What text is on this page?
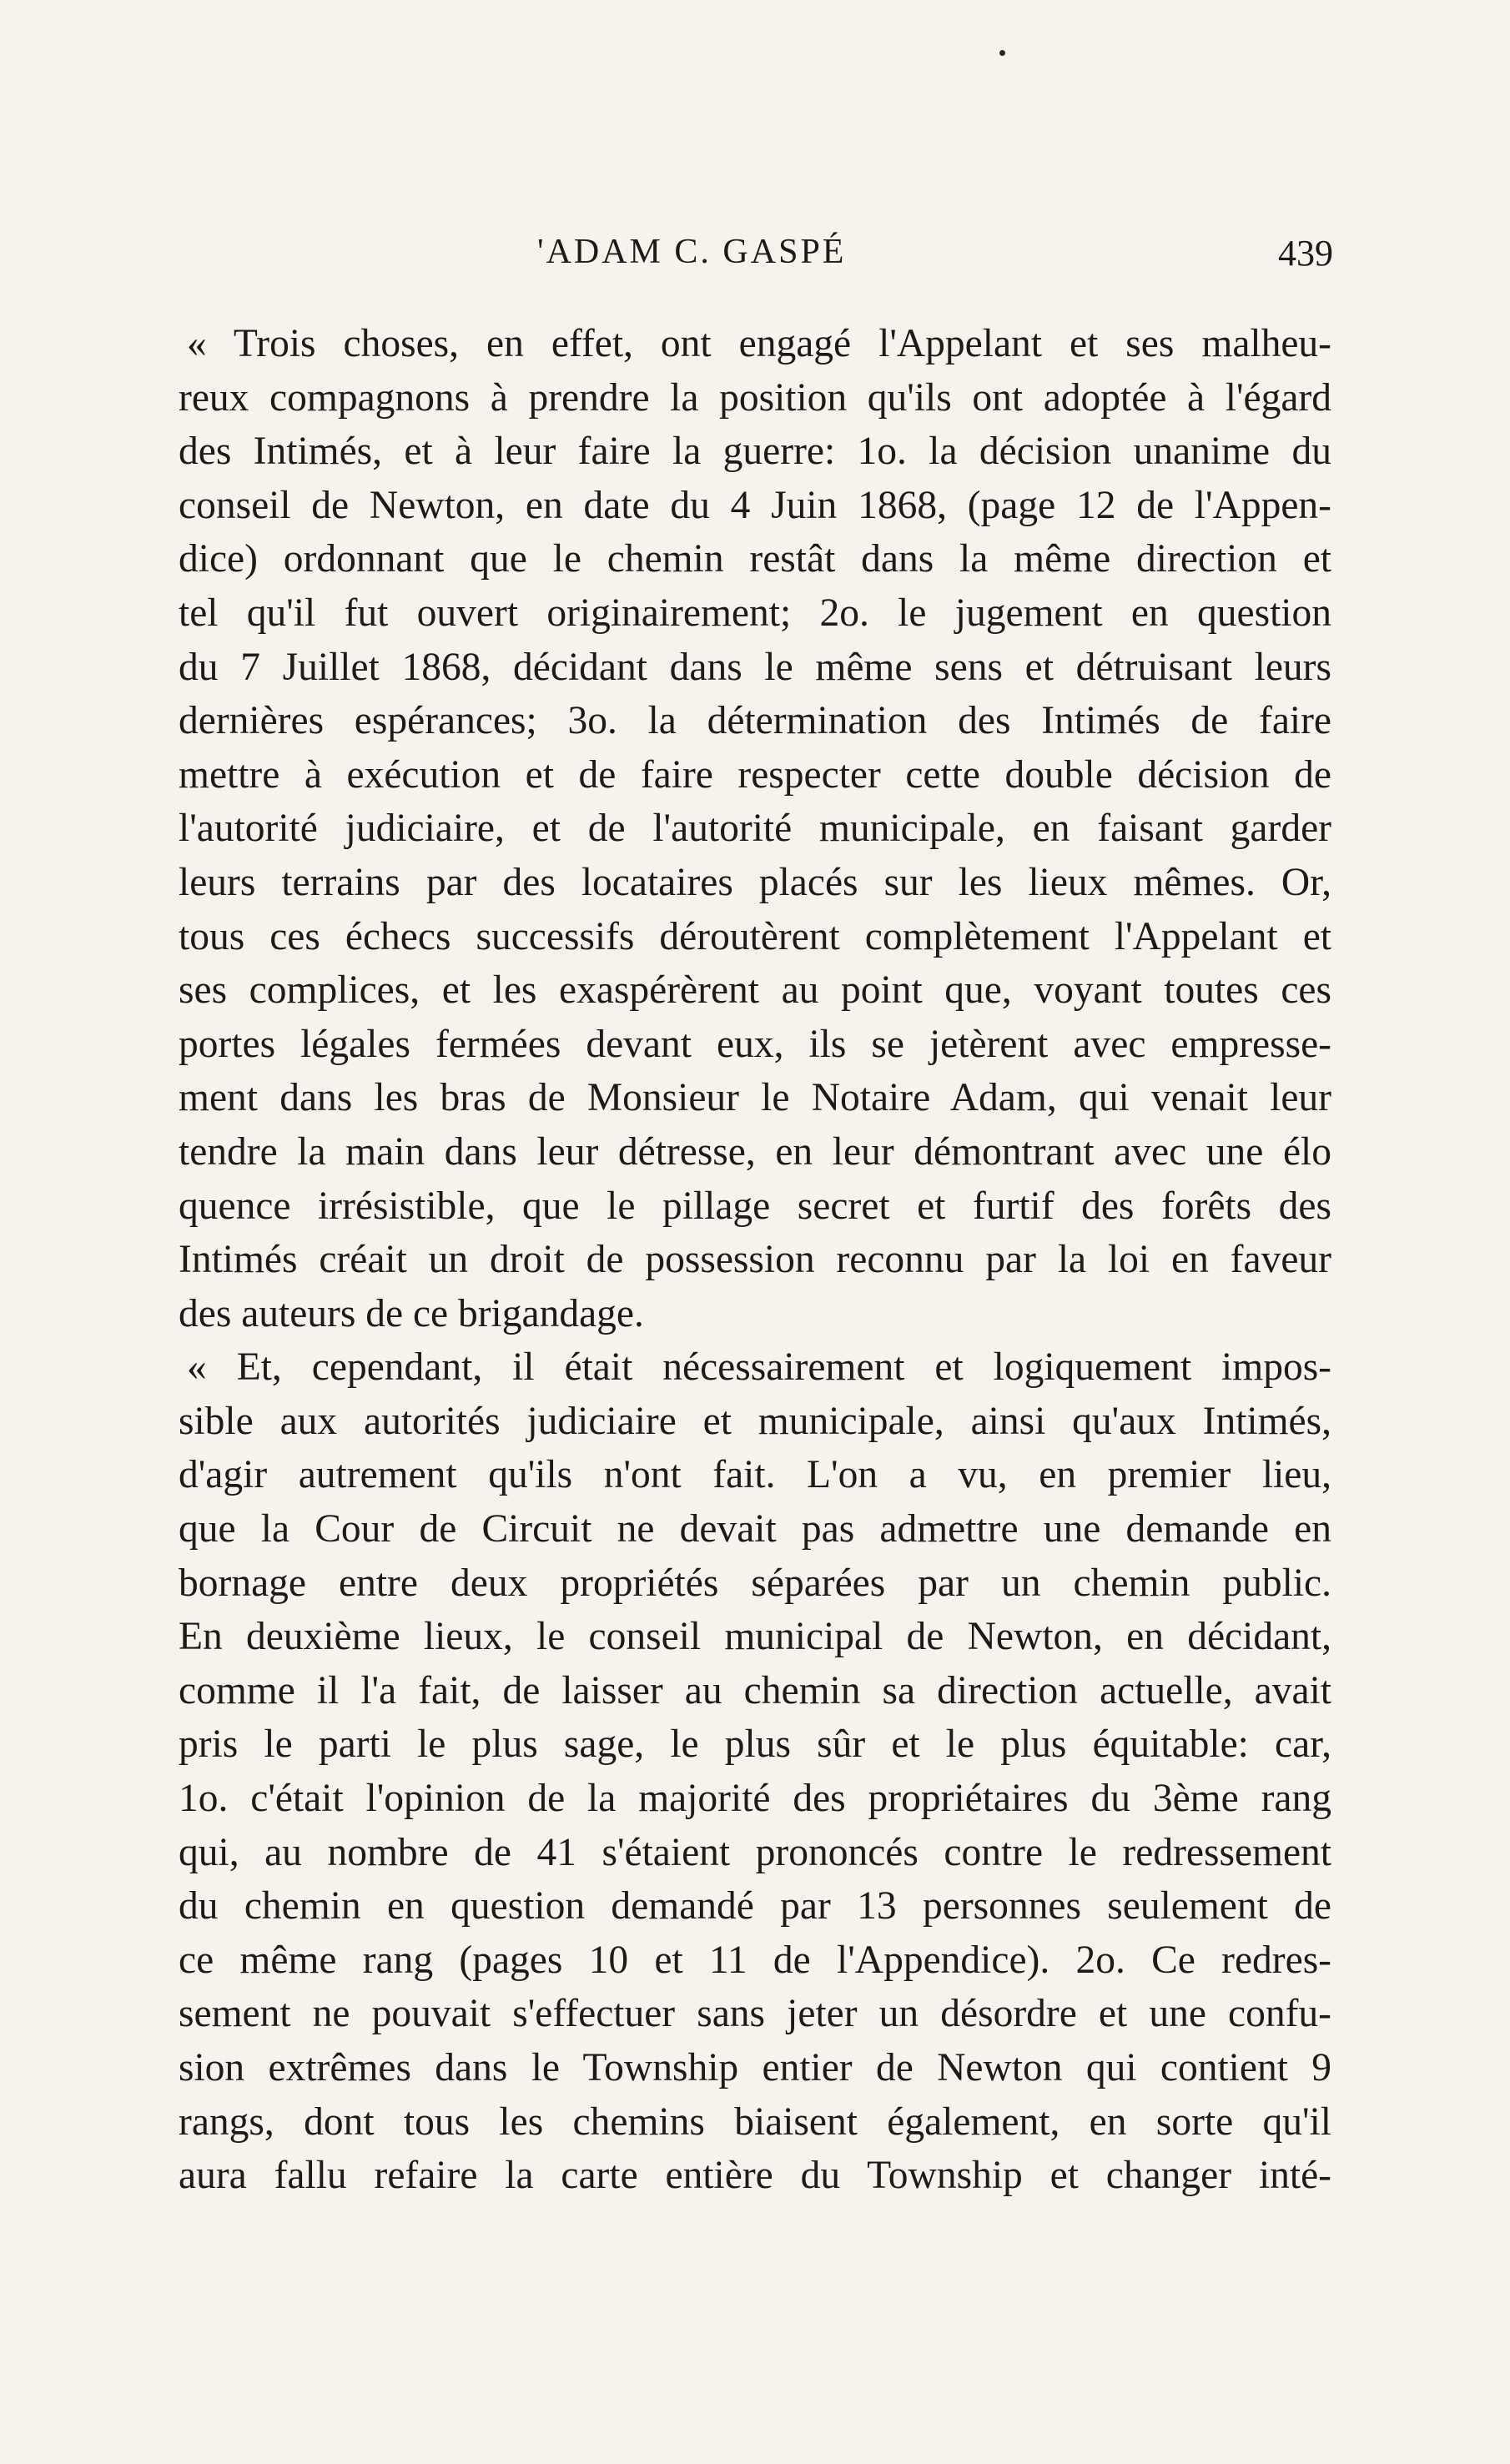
'ADAM C. GASPÉ	439
« Trois choses, en effet, ont engagé l'Appelant et ses malheu-
reux compagnons à prendre la position qu'ils ont adoptée à l'égard
des Intimés, et à leur faire la guerre: 1o. la décision unanime du
conseil de Newton, en date du 4 Juin 1868, (page 12 de l'Appen-
dice) ordonnant que le chemin restât dans la même direction et
tel qu'il fut ouvert originairement; 2o. le jugement en question
du 7 Juillet 1868, décidant dans le même sens et détruisant leurs
dernières espérances; 3o. la détermination des Intimés de faire
mettre à exécution et de faire respecter cette double décision de
l'autorité judiciaire, et de l'autorité municipale, en faisant garder
leurs terrains par des locataires placés sur les lieux mêmes. Or,
tous ces échecs successifs déroutèrent complètement l'Appelant et
ses complices, et les exaspérèrent au point que, voyant toutes ces
portes légales fermées devant eux, ils se jetèrent avec empresse-
ment dans les bras de Monsieur le Notaire Adam, qui venait leur
tendre la main dans leur détresse, en leur démontrant avec une élo
quence irrésistible, que le pillage secret et furtif des forêts des
Intimés créait un droit de possession reconnu par la loi en faveur
des auteurs de ce brigandage.
« Et, cependant, il était nécessairement et logiquement impos-
sible aux autorités judiciaire et municipale, ainsi qu'aux Intimés,
d'agir autrement qu'ils n'ont fait. L'on a vu, en premier lieu,
que la Cour de Circuit ne devait pas admettre une demande en
bornage entre deux propriétés séparées par un chemin public.
En deuxième lieux, le conseil municipal de Newton, en décidant,
comme il l'a fait, de laisser au chemin sa direction actuelle, avait
pris le parti le plus sage, le plus sûr et le plus équitable: car,
1o. c'était l'opinion de la majorité des propriétaires du 3ème rang
qui, au nombre de 41 s'étaient prononcés contre le redressement
du chemin en question demandé par 13 personnes seulement de
ce même rang (pages 10 et 11 de l'Appendice). 2o. Ce redres-
sement ne pouvait s'effectuer sans jeter un désordre et une confu-
sion extrêmes dans le Township entier de Newton qui contient 9
rangs, dont tous les chemins biaisent également, en sorte qu'il
aura fallu refaire la carte entière du Township et changer inté-
